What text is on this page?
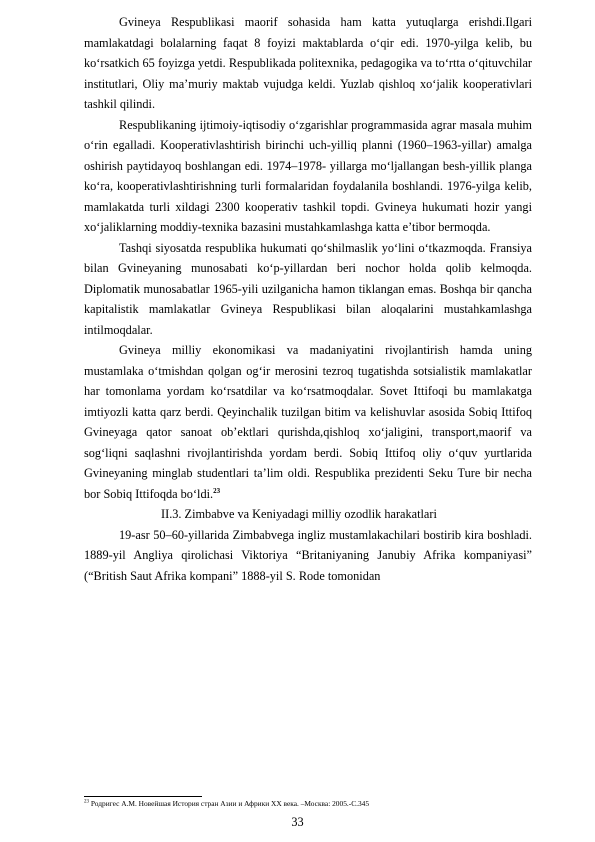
Gvineya Respublikasi maorif sohasida ham katta yutuqlarga erishdi.Ilgari mamlakatdagi bolalarning faqat 8 foyizi maktablarda o‘qir edi. 1970-yilga kelib, bu ko‘rsatkich 65 foyizga yetdi. Respublikada politexnika, pedagogika va to‘rtta o‘qituvchilar institutlari, Oliy ma’muriy maktab vujudga keldi. Yuzlab qishloq xo‘jalik kooperativlari tashkil qilindi.

Respublikaning ijtimoiy-iqtisodiy o‘zgarishlar programmasida agrar masala muhim o‘rin egalladi. Kooperativlashtirish birinchi uch-yilliq planni (1960–1963-yillar) amalga oshirish paytidayoq boshlangan edi. 1974–1978- yillarga mo‘ljallangan besh-yillik planga ko‘ra, kooperativlashtirishning turli formalaridan foydalanila boshlandi. 1976-yilga kelib, mamlakatda turli xildagi 2300 kooperativ tashkil topdi. Gvineya hukumati hozir yangi xo‘jaliklarning moddiy-texnika bazasini mustahkamlashga katta e’tibor bermoqda.

Tashqi siyosatda respublika hukumati qo‘shilmaslik yo‘lini o‘tkazmoqda. Fransiya bilan Gvineyaning munosabati ko‘p-yillardan beri nochor holda qolib kelmoqda. Diplomatik munosabatlar 1965-yili uzilganicha hamon tiklangan emas. Boshqa bir qancha kapitalistik mamlakatlar Gvineya Respublikasi bilan aloqalarini mustahkamlashga intilmoqdalar.

Gvineya milliy ekonomikasi va madaniyatini rivojlantirish hamda uning mustamlaka o‘tmishdan qolgan og‘ir merosini tezroq tugatishda sotsialistik mamlakatlar har tomonlama yordam ko‘rsatdilar va ko‘rsatmoqdalar. Sovet Ittifoqi bu mamlakatga imtiyozli katta qarz berdi. Qeyinchalik tuzilgan bitim va kelishuvlar asosida Sobiq Ittifoq Gvineyaga qator sanoat ob’ektlari qurishda,qishloq xo‘jaligini, transport,maorif va sog‘liqni saqlashni rivojlantirishda yordam berdi. Sobiq Ittifoq oliy o‘quv yurtlarida Gvineyaning minglab studentlari ta’lim oldi. Respublika prezidenti Seku Ture bir necha bor Sobiq Ittifoqda bo‘ldi.$^{23}$

II.3. Zimbabve va Keniyadagi milliy ozodlik harakatlari

19-asr 50–60-yillarida Zimbabvega ingliz mustamlakachilari bostirib kira boshladi. 1889-yil Angliya qirolichasi Viktoriya “Britaniyaning Janubiy Afrika kompaniyasi” (“British Saut Afrika kompani” 1888-yil S. Rode tomonidan

$^{23}$ Родригес А.М. Новейшая История стран Азии и Африки XX века. –Москва: 2005.-С.345
33
